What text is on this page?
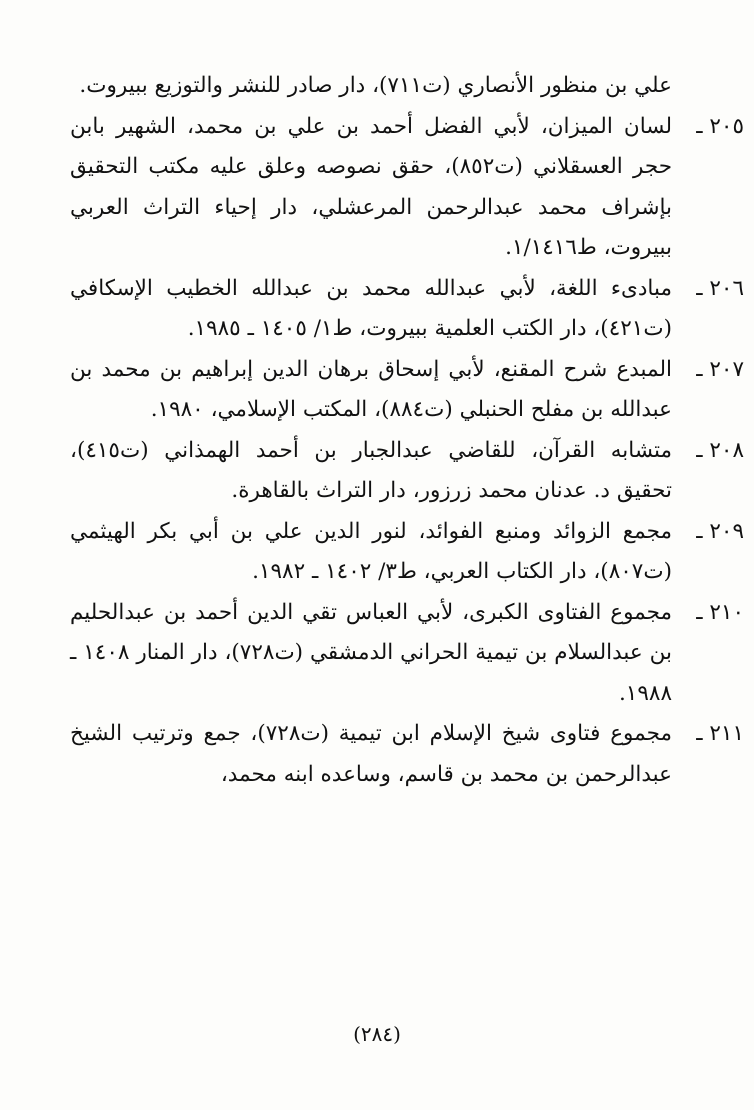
علي بن منظور الأنصاري (ت٧١١)، دار صادر للنشر والتوزيع ببيروت.

٢٠٥ ـ
لسان الميزان، لأبي الفضل أحمد بن علي بن محمد، الشهير بابن حجر العسقلاني (ت٨٥٢)، حقق نصوصه وعلق عليه مكتب التحقيق بإشراف محمد عبدالرحمن المرعشلي، دار إحياء التراث العربي ببيروت، ط١/١٤١٦.

٢٠٦ ـ
مبادىء اللغة، لأبي عبدالله محمد بن عبدالله الخطيب الإسكافي (ت٤٢١)، دار الكتب العلمية ببيروت، ط١/ ١٤٠٥ ـ ١٩٨٥.

٢٠٧ ـ
المبدع شرح المقنع، لأبي إسحاق برهان الدين إبراهيم بن محمد بن عبدالله بن مفلح الحنبلي (ت٨٨٤)، المكتب الإسلامي، ١٩٨٠.

٢٠٨ ـ
متشابه القرآن، للقاضي عبدالجبار بن أحمد الهمذاني (ت٤١٥)، تحقيق د. عدنان محمد زرزور، دار التراث بالقاهرة.

٢٠٩ ـ
مجمع الزوائد ومنبع الفوائد، لنور الدين علي بن أبي بكر الهيثمي (ت٨٠٧)، دار الكتاب العربي، ط٣/ ١٤٠٢ ـ ١٩٨٢.

٢١٠ ـ
مجموع الفتاوى الكبرى، لأبي العباس تقي الدين أحمد بن عبدالحليم بن عبدالسلام بن تيمية الحراني الدمشقي (ت٧٢٨)، دار المنار ١٤٠٨ ـ ١٩٨٨.

٢١١ ـ
مجموع فتاوى شيخ الإسلام ابن تيمية (ت٧٢٨)، جمع وترتيب الشيخ عبدالرحمن بن محمد بن قاسم، وساعده ابنه محمد،

(٢٨٤)
